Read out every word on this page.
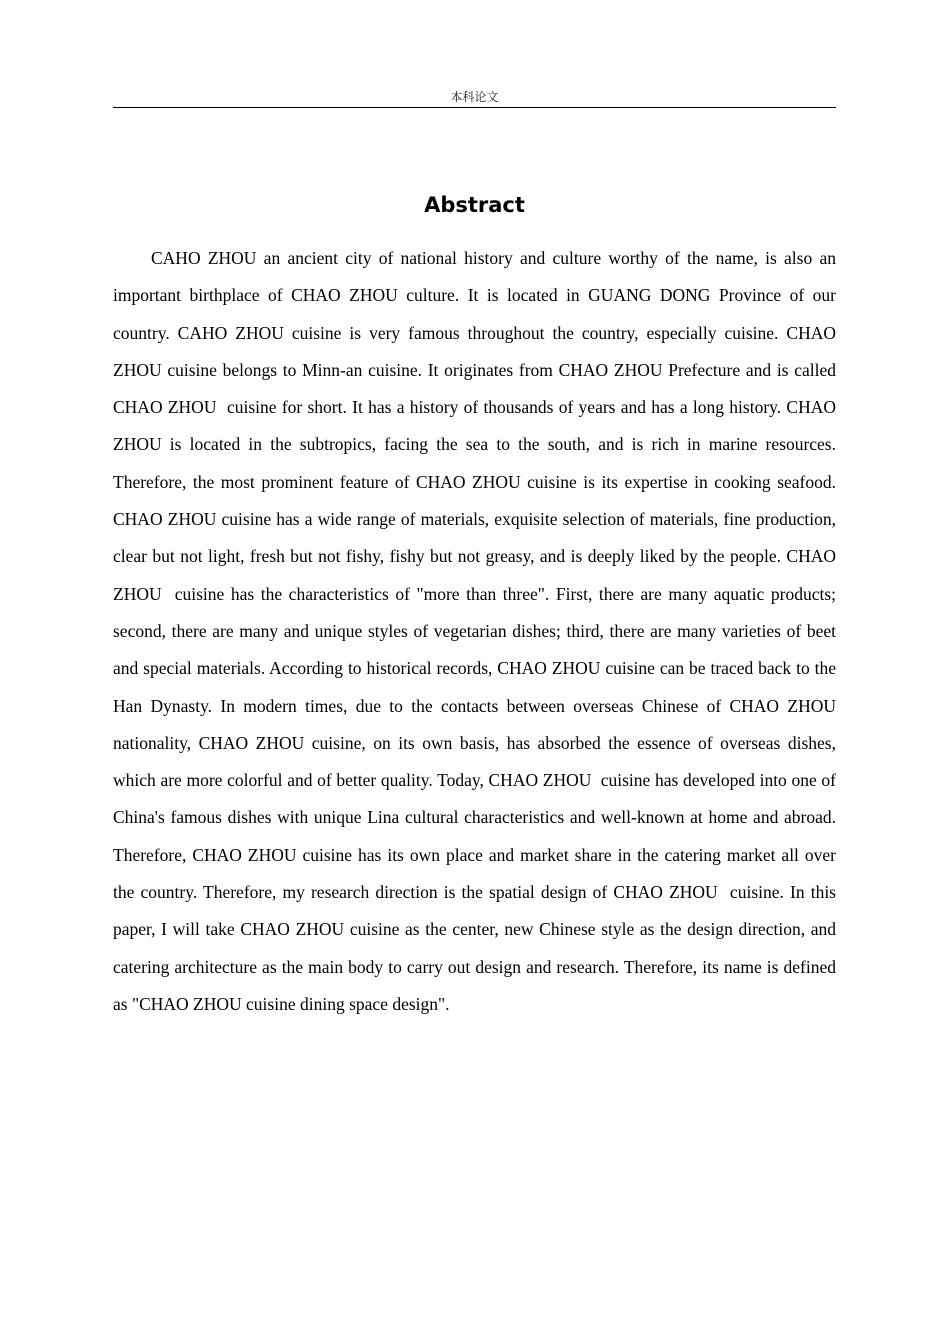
本科论文
Abstract

CAHO ZHOU an ancient city of national history and culture worthy of the name, is also an important birthplace of CHAO ZHOU culture. It is located in GUANG DONG Province of our country. CAHO ZHOU cuisine is very famous throughout the country, especially cuisine. CHAO ZHOU cuisine belongs to Minn-an cuisine. It originates from CHAO ZHOU Prefecture and is called CHAO ZHOU  cuisine for short. It has a history of thousands of years and has a long history. CHAO ZHOU is located in the subtropics, facing the sea to the south, and is rich in marine resources. Therefore, the most prominent feature of CHAO ZHOU cuisine is its expertise in cooking seafood. CHAO ZHOU cuisine has a wide range of materials, exquisite selection of materials, fine production, clear but not light, fresh but not fishy, fishy but not greasy, and is deeply liked by the people. CHAO ZHOU  cuisine has the characteristics of "more than three". First, there are many aquatic products; second, there are many and unique styles of vegetarian dishes; third, there are many varieties of beet and special materials. According to historical records, CHAO ZHOU cuisine can be traced back to the Han Dynasty. In modern times, due to the contacts between overseas Chinese of CHAO ZHOU  nationality, CHAO ZHOU cuisine, on its own basis, has absorbed the essence of overseas dishes, which are more colorful and of better quality. Today, CHAO ZHOU  cuisine has developed into one of China's famous dishes with unique Lina cultural characteristics and well-known at home and abroad. Therefore, CHAO ZHOU cuisine has its own place and market share in the catering market all over the country. Therefore, my research direction is the spatial design of CHAO ZHOU  cuisine. In this paper, I will take CHAO ZHOU cuisine as the center, new Chinese style as the design direction, and catering architecture as the main body to carry out design and research. Therefore, its name is defined as "CHAO ZHOU cuisine dining space design".
